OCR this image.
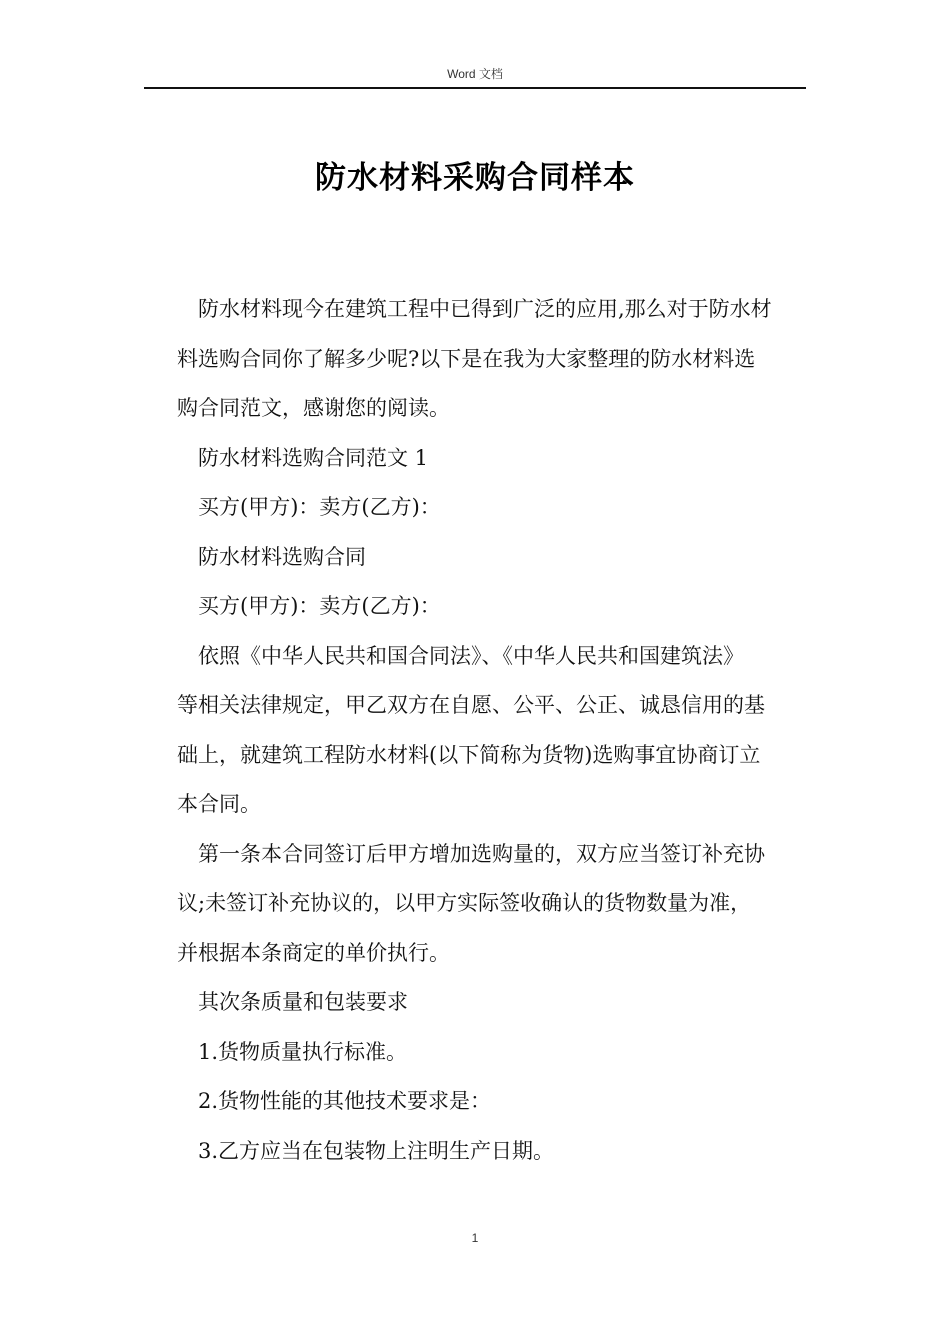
Word 文档
防水材料采购合同样本

防水材料现今在建筑工程中已得到广泛的应用,那么对于防水材

料选购合同你了解多少呢?以下是在我为大家整理的防水材料选

购合同范文，感谢您的阅读。

防水材料选购合同范文 1

买方(甲方)：卖方(乙方)：

防水材料选购合同

买方(甲方)：卖方(乙方)：

依照《中华人民共和国合同法》、《中华人民共和国建筑法》

等相关法律规定，甲乙双方在自愿、公平、公正、诚恳信用的基

础上，就建筑工程防水材料(以下简称为货物)选购事宜协商订立

本合同。

第一条本合同签订后甲方增加选购量的，双方应当签订补充协

议;未签订补充协议的，以甲方实际签收确认的货物数量为准，

并根据本条商定的单价执行。

其次条质量和包装要求

1.货物质量执行标准。

2.货物性能的其他技术要求是：

3.乙方应当在包装物上注明生产日期。

1
